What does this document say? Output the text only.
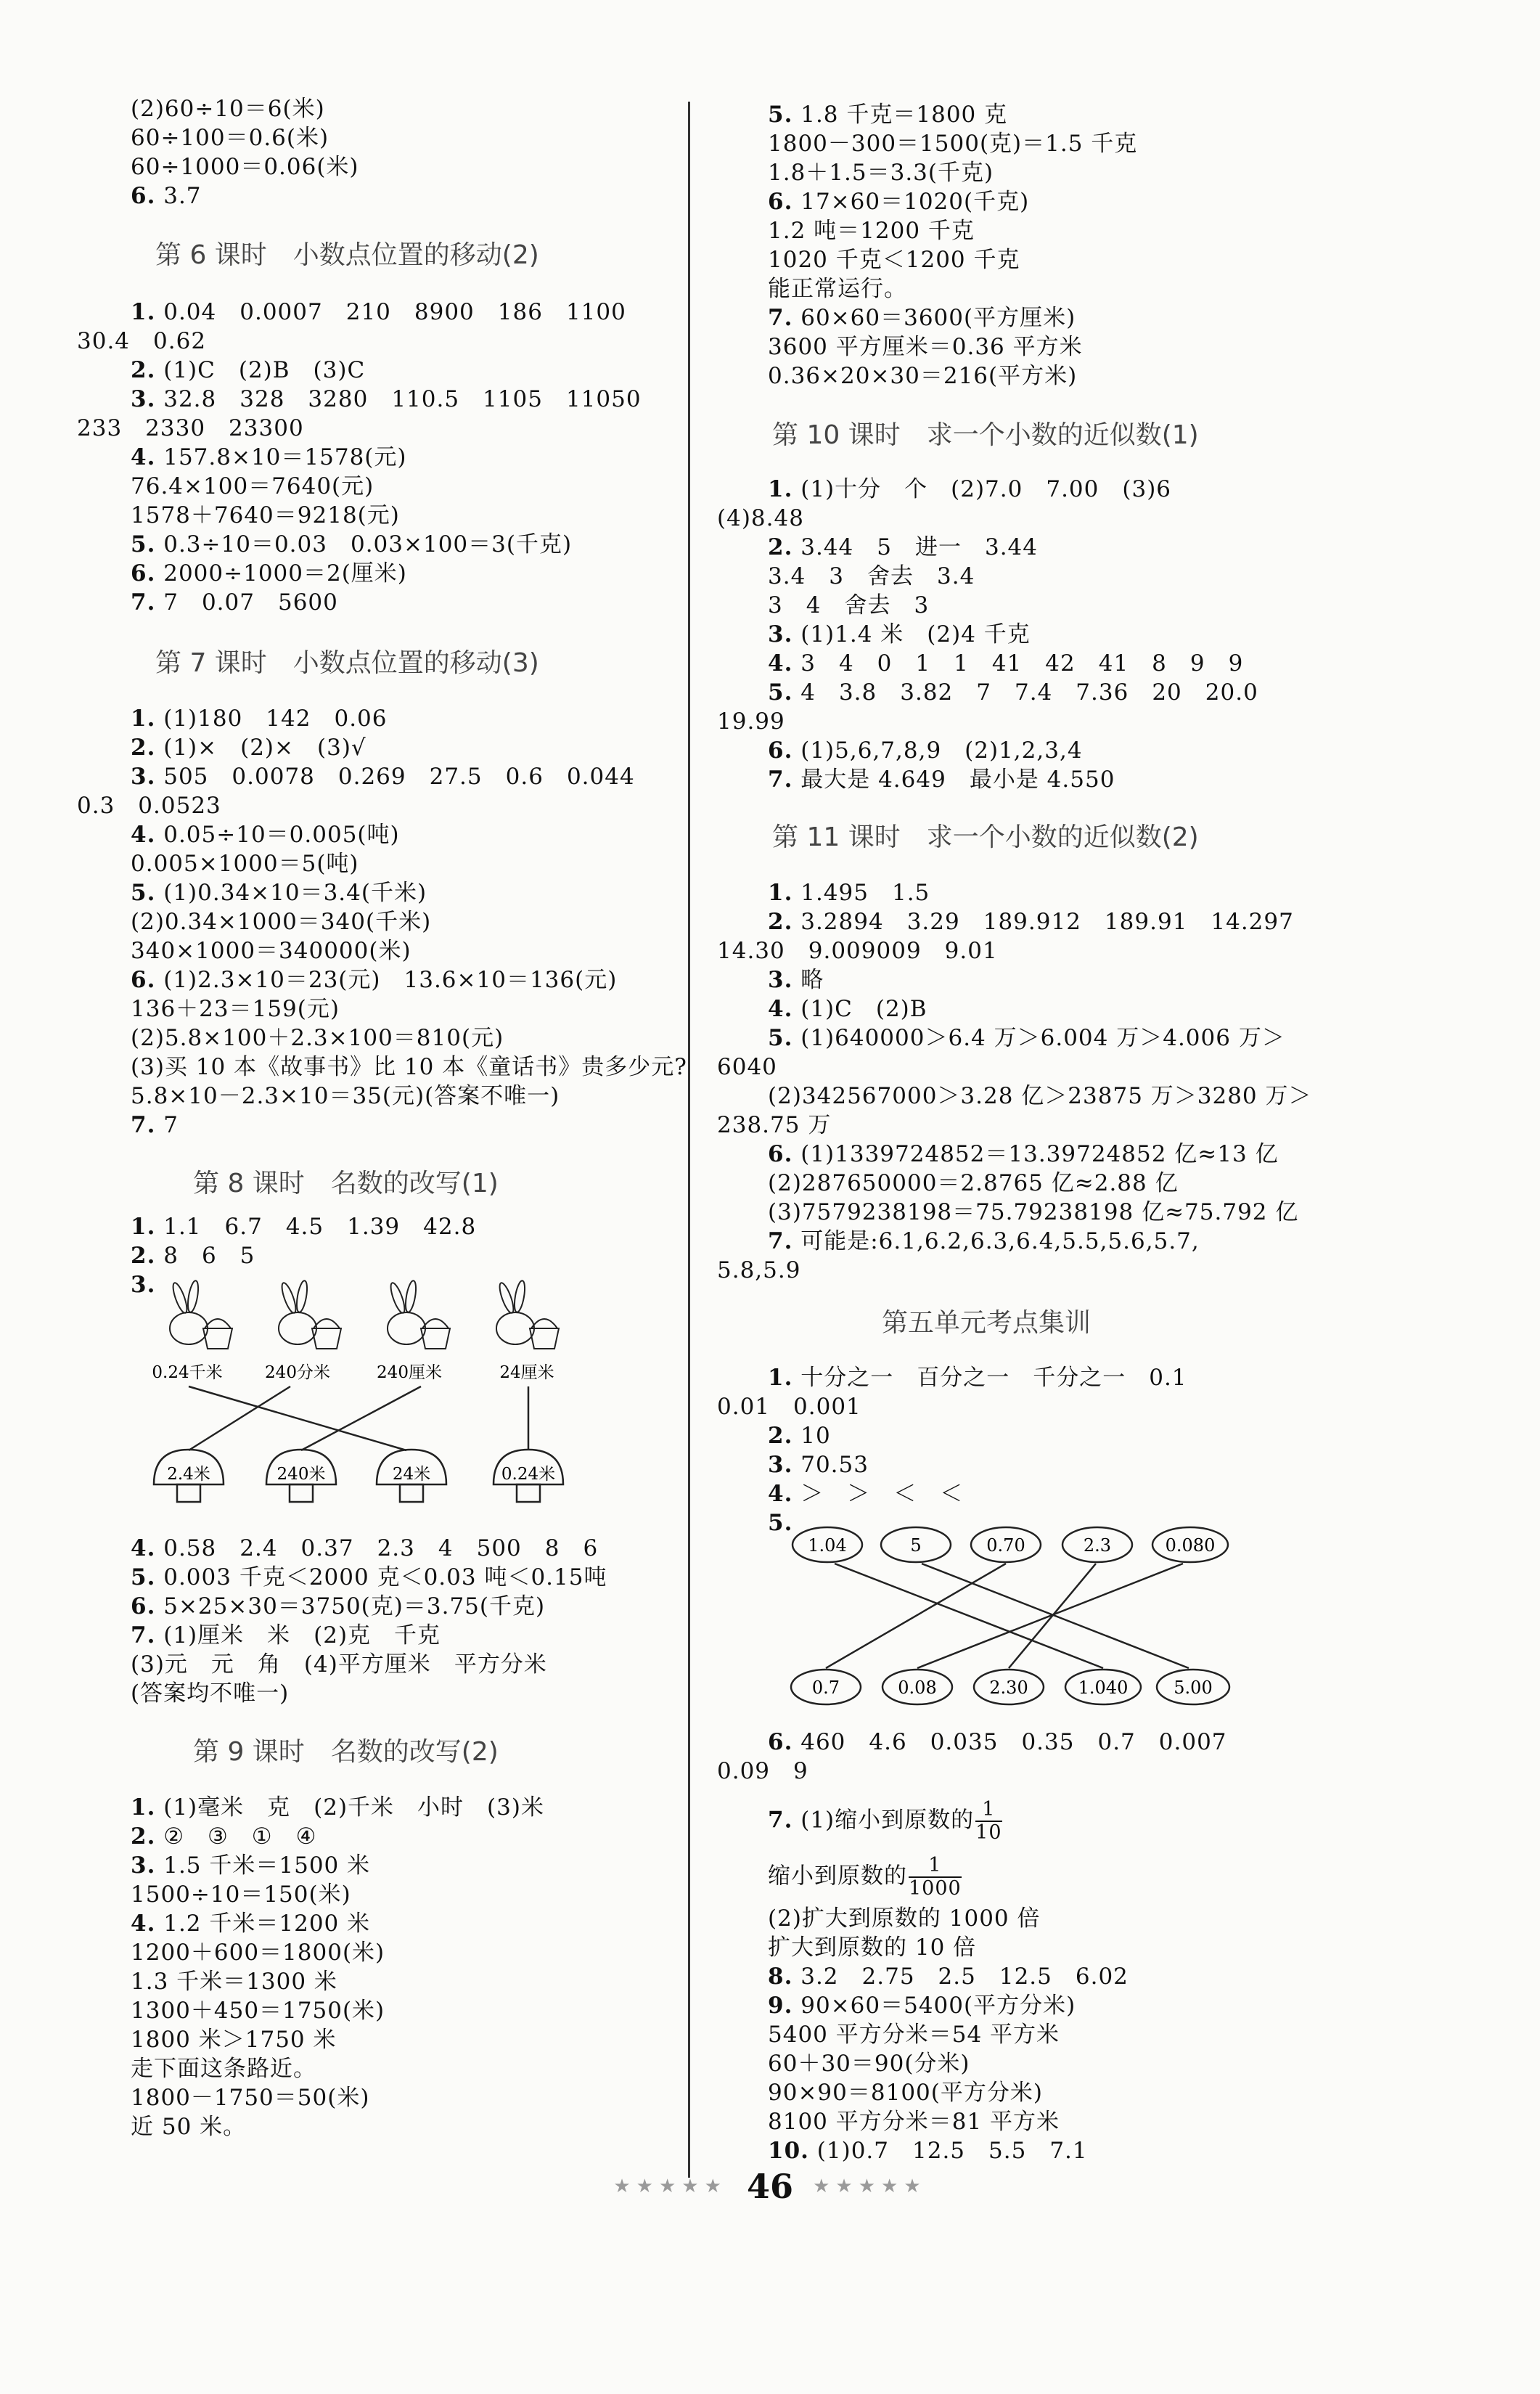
(2)60÷10＝6(米)
60÷100＝0.6(米)
60÷1000＝0.06(米)
6. 3.7
第 6 课时　小数点位置的移动(2)
1. 0.04　0.0007　210　8900　186　1100
30.4　0.62
2. (1)C　(2)B　(3)C
3. 32.8　328　3280　110.5　1105　11050
233　2330　23300
4. 157.8×10＝1578(元)
76.4×100＝7640(元)
1578＋7640＝9218(元)
5. 0.3÷10＝0.03　0.03×100＝3(千克)
6. 2000÷1000＝2(厘米)
7. 7　0.07　5600
第 7 课时　小数点位置的移动(3)
1. (1)180　142　0.06
2. (1)×　(2)×　(3)√
3. 505　0.0078　0.269　27.5　0.6　0.044
0.3　0.0523
4. 0.05÷10＝0.005(吨)
0.005×1000＝5(吨)
5. (1)0.34×10＝3.4(千米)
(2)0.34×1000＝340(千米)
340×1000＝340000(米)
6. (1)2.3×10＝23(元)　13.6×10＝136(元)
136＋23＝159(元)
(2)5.8×100＋2.3×100＝810(元)
(3)买 10 本《故事书》比 10 本《童话书》贵多少元?
5.8×10－2.3×10＝35(元)(答案不唯一)
7. 7
第 8 课时　名数的改写(1)
1. 1.1　6.7　4.5　1.39　42.8
2. 8　6　5
3.
0.24千米	240分米	240厘米	24厘米
2.4米	240米	24米	0.24米
4. 0.58　2.4　0.37　2.3　4　500　8　6
5. 0.003 千克＜2000 克＜0.03 吨＜0.15吨
6. 5×25×30＝3750(克)＝3.75(千克)
7. (1)厘米　米　(2)克　千克
(3)元　元　角　(4)平方厘米　平方分米
(答案均不唯一)
第 9 课时　名数的改写(2)
1. (1)毫米　克　(2)千米　小时　(3)米
2. ②　③　①　④
3. 1.5 千米＝1500 米
1500÷10＝150(米)
4. 1.2 千米＝1200 米
1200＋600＝1800(米)
1.3 千米＝1300 米
1300＋450＝1750(米)
1800 米＞1750 米
走下面这条路近。
1800－1750＝50(米)
近 50 米。
5. 1.8 千克＝1800 克
1800－300＝1500(克)＝1.5 千克
1.8＋1.5＝3.3(千克)
6. 17×60＝1020(千克)
1.2 吨＝1200 千克
1020 千克＜1200 千克
能正常运行。
7. 60×60＝3600(平方厘米)
3600 平方厘米＝0.36 平方米
0.36×20×30＝216(平方米)
第 10 课时　求一个小数的近似数(1)
1. (1)十分　个　(2)7.0　7.00　(3)6
(4)8.48
2. 3.44　5　进一　3.44
3.4　3　舍去　3.4
3　4　舍去　3
3. (1)1.4 米　(2)4 千克
4. 3　4　0　1　1　41　42　41　8　9　9
5. 4　3.8　3.82　7　7.4　7.36　20　20.0
19.99
6. (1)5,6,7,8,9　(2)1,2,3,4
7. 最大是 4.649　最小是 4.550
第 11 课时　求一个小数的近似数(2)
1. 1.495　1.5
2. 3.2894　3.29　189.912　189.91　14.297
14.30　9.009009　9.01
3. 略
4. (1)C　(2)B
5. (1)640000＞6.4 万＞6.004 万＞4.006 万＞
6040
(2)342567000＞3.28 亿＞23875 万＞3280 万＞
238.75 万
6. (1)1339724852＝13.39724852 亿≈13 亿
(2)287650000＝2.8765 亿≈2.88 亿
(3)7579238198＝75.79238198 亿≈75.792 亿
7. 可能是:6.1,6.2,6.3,6.4,5.5,5.6,5.7,
5.8,5.9
第五单元考点集训
1. 十分之一　百分之一　千分之一　0.1
0.01　0.001
2. 10
3. 70.53
4. ＞　＞　＜　＜
5.
1.04	5	0.70	2.3	0.080
0.7	0.08	2.30	1.040	5.00
6. 460　4.6　0.035　0.35　0.7　0.007
0.09　9
7. (1)缩小到原数的 $\frac{1}{10}$
缩小到原数的 $\frac{1}{1000}$
(2)扩大到原数的 1000 倍
扩大到原数的 10 倍
8. 3.2　2.75　2.5　12.5　6.02
9. 90×60＝5400(平方分米)
5400 平方分米＝54 平方米
60＋30＝90(分米)
90×90＝8100(平方分米)
8100 平方分米＝81 平方米
10. (1)0.7　12.5　5.5　7.1
★★★★★ 46 ★★★★★
